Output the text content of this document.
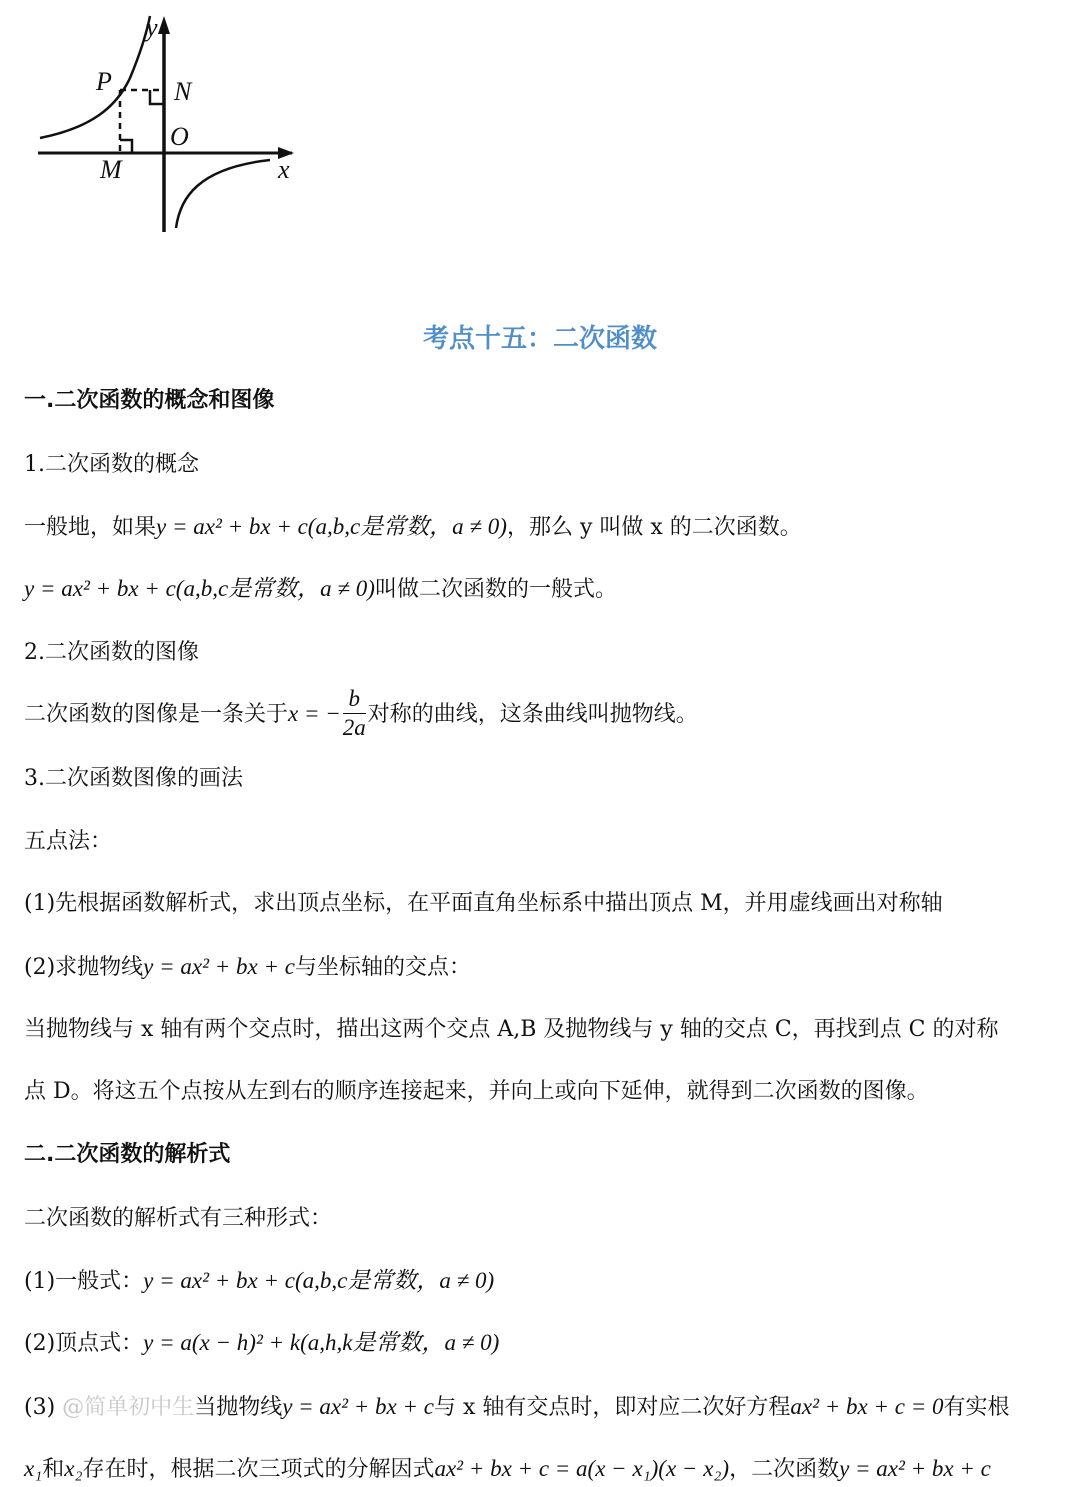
y
P N
O
M	x
考点十五：二次函数
一.二次函数的概念和图像
1.二次函数的概念
一般地，如果y = ax² + bx + c(a,b,c是常数，a ≠ 0)，那么 y 叫做 x 的二次函数。
y = ax² + bx + c(a,b,c是常数，a ≠ 0)叫做二次函数的一般式。
2.二次函数的图像
二次函数的图像是一条关于x = − $\frac{b}{2a}$ 对称的曲线，这条曲线叫抛物线。
3.二次函数图像的画法
五点法：
(1)先根据函数解析式，求出顶点坐标，在平面直角坐标系中描出顶点 M，并用虚线画出对称轴
(2)求抛物线y = ax² + bx + c与坐标轴的交点：
当抛物线与 x 轴有两个交点时，描出这两个交点 A,B 及抛物线与 y 轴的交点 C，再找到点 C 的对称
点 D。将这五个点按从左到右的顺序连接起来，并向上或向下延伸，就得到二次函数的图像。
二.二次函数的解析式
二次函数的解析式有三种形式：
(1)一般式：y = ax² + bx + c(a,b,c是常数，a ≠ 0)
(2)顶点式：y = a(x − h)² + k(a,h,k是常数，a ≠ 0)
(3) @简单初中生当抛物线y = ax² + bx + c与 x 轴有交点时，即对应二次好方程ax² + bx + c = 0有实根
x₁和x₂存在时，根据二次三项式的分解因式ax² + bx + c = a(x − x₁)(x − x₂)，二次函数y = ax² + bx + c
